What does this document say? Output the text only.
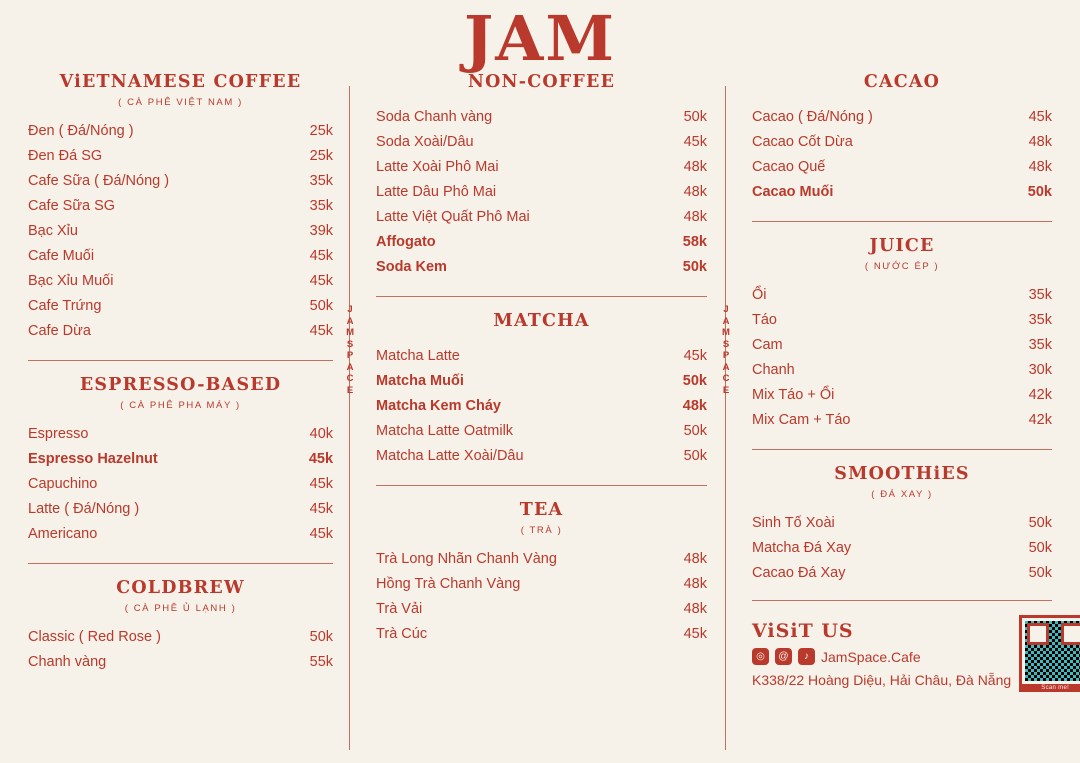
JAM
ViETNAMESE COFFEE
( CÀ PHÊ VIỆT NAM )
Đen ( Đá/Nóng )	25k
Đen Đá SG	25k
Cafe Sữa ( Đá/Nóng )	35k
Cafe Sữa SG	35k
Bạc Xỉu	39k
Cafe Muối	45k
Bạc Xỉu Muối	45k
Cafe Trứng	50k
Cafe Dừa	45k
ESPRESSO-BASED
( CÀ PHÊ PHA MÁY )
Espresso	40k
Espresso Hazelnut	45k
Capuchino	45k
Latte ( Đá/Nóng )	45k
Americano	45k
COLDBREW
( CÀ PHÊ Ủ LẠNH )
Classic ( Red Rose )	50k
Chanh vàng	55k
J A M S P A C E
NON-COFFEE
Soda Chanh vàng	50k
Soda Xoài/Dâu	45k
Latte Xoài Phô Mai	48k
Latte Dâu Phô Mai	48k
Latte Việt Quất Phô Mai	48k
Affogato	58k
Soda Kem	50k
MATCHA
Matcha Latte	45k
Matcha Muối	50k
Matcha Kem Cháy	48k
Matcha Latte Oatmilk	50k
Matcha Latte Xoài/Dâu	50k
TEA
( TRÀ )
Trà Long Nhãn Chanh Vàng	48k
Hồng Trà Chanh Vàng	48k
Trà Vải	48k
Trà Cúc	45k
J A M S P A C E
CACAO
Cacao ( Đá/Nóng )	45k
Cacao Cốt Dừa	48k
Cacao Quế	48k
Cacao Muối	50k
JUICE
( NƯỚC ÉP )
Ổi	35k
Táo	35k
Cam	35k
Chanh	30k
Mix Táo + Ổi	42k
Mix Cam + Táo	42k
SMOOTHiES
( ĐÁ XAY )
Sinh Tố Xoài	50k
Matcha Đá Xay	50k
Cacao Đá Xay	50k
ViSiT US
◎	@	♪ JamSpace.Cafe
K338/22 Hoàng Diệu, Hải Châu, Đà Nẵng	Scan me!
